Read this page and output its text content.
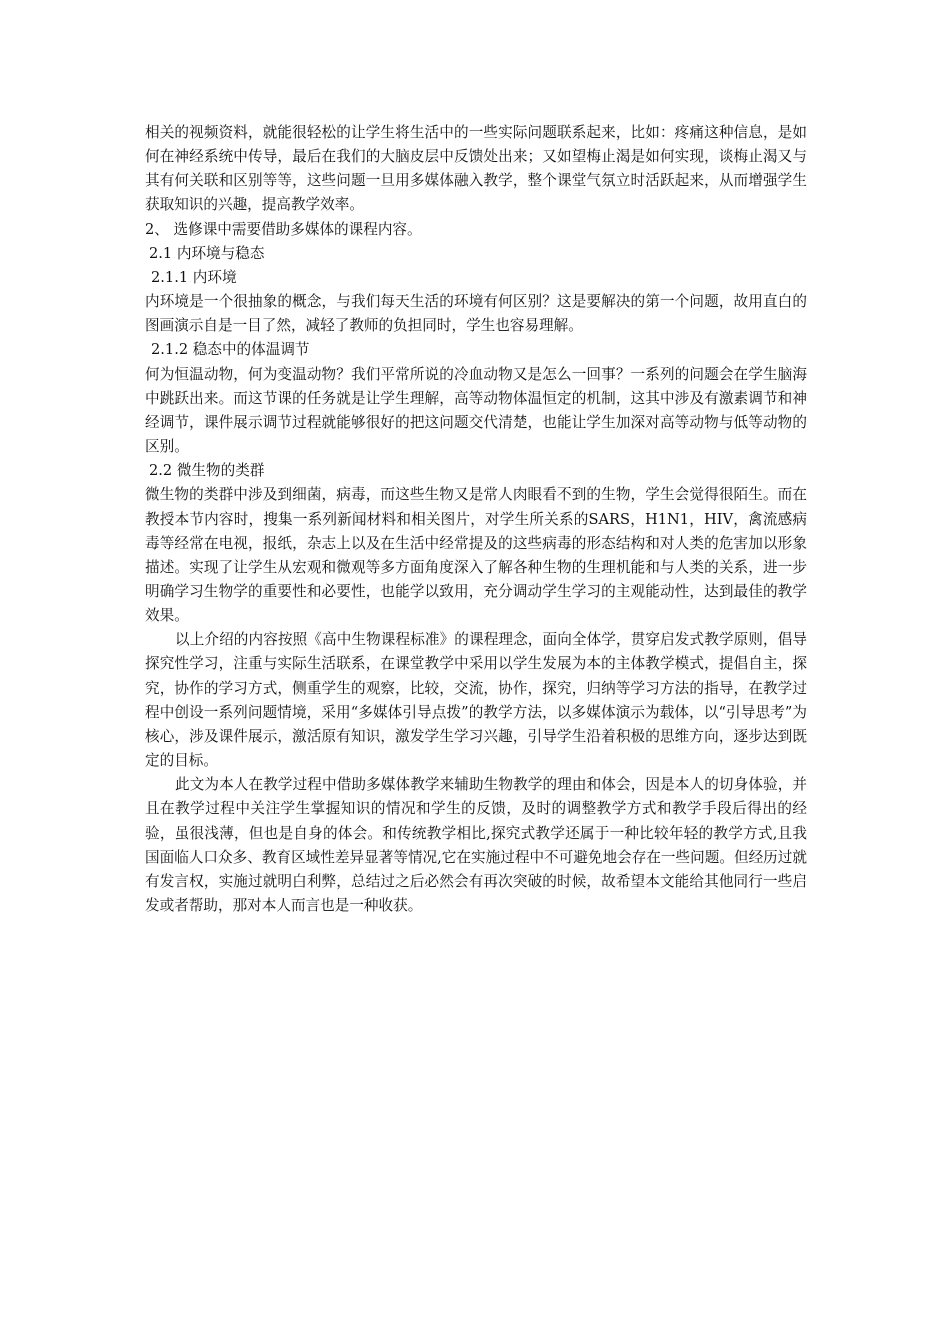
相关的视频资料，就能很轻松的让学生将生活中的一些实际问题联系起来，比如：疼痛这种信息，是如何在神经系统中传导，最后在我们的大脑皮层中反馈处出来；又如望梅止渴是如何实现，谈梅止渴又与其有何关联和区别等等，这些问题一旦用多媒体融入教学，整个课堂气氛立时活跃起来，从而增强学生获取知识的兴趣，提高教学效率。

2、 选修课中需要借助多媒体的课程内容。

2.1 内环境与稳态

2.1.1 内环境

内环境是一个很抽象的概念，与我们每天生活的环境有何区别？这是要解决的第一个问题，故用直白的图画演示自是一目了然，减轻了教师的负担同时，学生也容易理解。

2.1.2 稳态中的体温调节

何为恒温动物，何为变温动物？我们平常所说的冷血动物又是怎么一回事？一系列的问题会在学生脑海中跳跃出来。而这节课的任务就是让学生理解，高等动物体温恒定的机制，这其中涉及有激素调节和神经调节，课件展示调节过程就能够很好的把这问题交代清楚，也能让学生加深对高等动物与低等动物的区别。

2.2 微生物的类群

微生物的类群中涉及到细菌，病毒，而这些生物又是常人肉眼看不到的生物，学生会觉得很陌生。而在教授本节内容时，搜集一系列新闻材料和相关图片，对学生所关系的SARS，H1N1，HIV，禽流感病毒等经常在电视，报纸，杂志上以及在生活中经常提及的这些病毒的形态结构和对人类的危害加以形象描述。实现了让学生从宏观和微观等多方面角度深入了解各种生物的生理机能和与人类的关系，进一步明确学习生物学的重要性和必要性，也能学以致用，充分调动学生学习的主观能动性，达到最佳的教学效果。

以上介绍的内容按照《高中生物课程标准》的课程理念，面向全体学，贯穿启发式教学原则，倡导探究性学习，注重与实际生活联系，在课堂教学中采用以学生发展为本的主体教学模式，提倡自主，探究，协作的学习方式，侧重学生的观察，比较，交流，协作，探究，归纳等学习方法的指导，在教学过程中创设一系列问题情境，采用“多媒体引导点拨”的教学方法，以多媒体演示为载体，以“引导思考”为核心，涉及课件展示，激活原有知识，激发学生学习兴趣，引导学生沿着积极的思维方向，逐步达到既定的目标。

此文为本人在教学过程中借助多媒体教学来辅助生物教学的理由和体会，因是本人的切身体验，并且在教学过程中关注学生掌握知识的情况和学生的反馈，及时的调整教学方式和教学手段后得出的经验，虽很浅薄，但也是自身的体会。和传统教学相比,探究式教学还属于一种比较年轻的教学方式,且我国面临人口众多、教育区域性差异显著等情况,它在实施过程中不可避免地会存在一些问题。但经历过就有发言权，实施过就明白利弊，总结过之后必然会有再次突破的时候，故希望本文能给其他同行一些启发或者帮助，那对本人而言也是一种收获。
